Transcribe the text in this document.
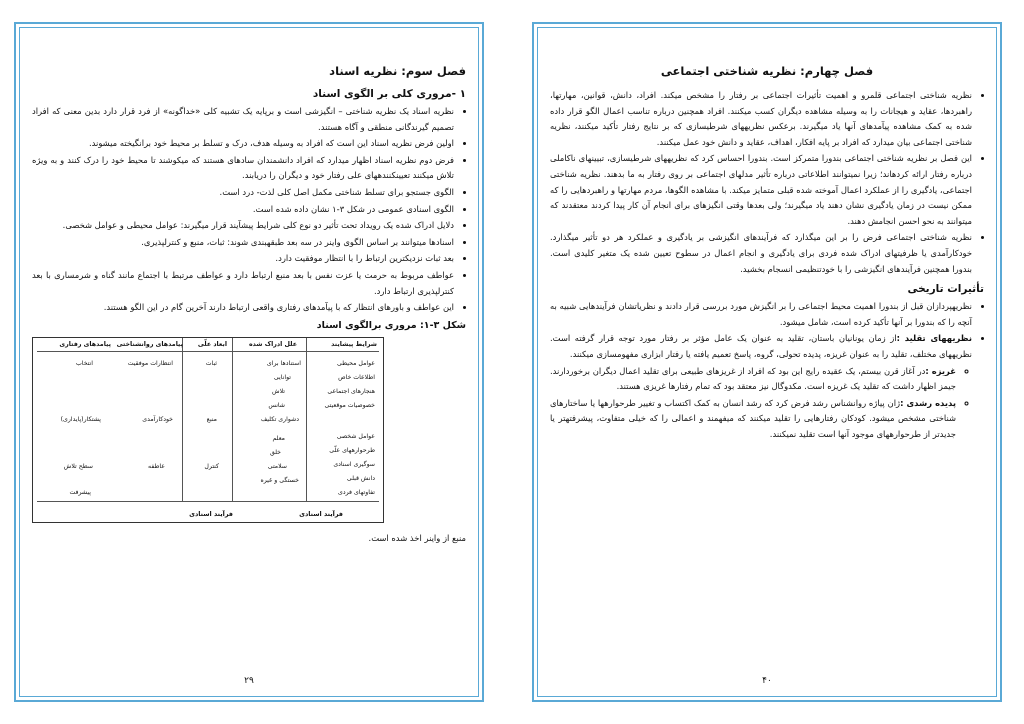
فصل سوم: نظریه اسناد
۱ -مروری کلی بر الگوی اسناد
• نظریه اسناد یک نظریه شناختی – انگیزشی است و برپایه یک تشبیه کلی «خداگونه» از فرد قرار دارد بدین معنی که افراد تصمیم گیرندگانی منطقی و آگاه هستند.
• اولین فرض نظریه اسناد این است که افراد به وسیله هدف، درک و تسلط بر محیط خود برانگیخته میشوند.
• فرض دوم نظریه اسناد اظهار میدارد که افراد دانشمندان سادهای هستند که میکوشند تا محیط خود را درک کنند و به ویژه تلاش میکنند تعیینکنندههای علی رفتار خود و دیگران را دریابند.
• الگوی جستجو برای تسلط شناختی مکمل اصل کلی لذت- درد است.
• الگوی اسنادی عمومی در شکل ۳-۱ نشان داده شده است.
• دلایل ادراک شده یک رویداد تحت تأثیر دو نوع کلی شرایط پیشآیند قرار میگیرند: عوامل محیطی و عوامل شخصی.
• اسنادها میتوانند بر اساس الگوی واینر در سه بعد طبقهبندی شوند: ثبات، منبع و کنترلپذیری.
• بعد ثبات نزدیکترین ارتباط را با انتظار موفقیت دارد.
• عواطف مربوط به حرمت یا عزت نفس با بعد منبع ارتباط دارد و عواطف مرتبط با اجتماع مانند گناه و شرمساری با بعد کنترلپذیری ارتباط دارد.
• این عواطف و باورهای انتظار که با پیآمدهای رفتاری واقعی ارتباط دارند آخرین گام در این الگو هستند.
شکل ۳-۱: مروری برالگوی اسناد
شرایط پیشایند
علل ادراک شده
ابعاد علّی
پیامدهای روانشناختی
پیامدهای رفتاری
عوامل محیطی
اطلاعات خاص
هنجارهای اجتماعی
خصوصیات موقعیتی
عوامل شخصی
طرحوارههای علّی
سوگیری اسنادی
دانش قبلی
تفاوتهای فردی
استنادها برای
توانایی
تلاش
شانس
دشواری تکلیف
معلم
خلق
سلامتی
خستگی و غیره
ثبات
منبع
کنترل
انتظارات موفقیت
خودکارآمدی
عاطفه
انتخاب
پشتکار(پایداری)
سطح تلاش
پیشرفت
فرآیند اسنادی
فرآیند اسنادی
منبع از واینر اخذ شده است.
۲۹
فصل چهارم: نظریه شناختی اجتماعی
• نظریه شناختی اجتماعی قلمرو و اهمیت تأثیرات اجتماعی بر رفتار را مشخص میکند. افراد، دانش، قوانین، مهارتها، راهبردها، عقاید و هیجانات را به وسیله مشاهده دیگران کسب میکنند. افراد همچنین درباره تناسب اعمال الگو قرار داده شده به کمک مشاهده پیآمدهای آنها یاد میگیرند. برعکس نظریههای شرطیسازی که بر نتایج رفتار تأکید میکنند، نظریه شناختی اجتماعی بیان میدارد که افراد بر پایه افکار، اهداف، عقاید و دانش خود عمل میکنند.
• این فصل بر نظریه شناختی اجتماعی بندورا متمرکز است. بندورا احساس کرد که نظریههای شرطیسازی، تبیینهای ناکاملی درباره رفتار ارائه کردهاند؛ زیرا نمیتوانند اطلاعاتی درباره تأثیر مدلهای اجتماعی بر روی رفتار به ما بدهند. نظریه شناختی اجتماعی، یادگیری را از عملکرد اعمال آموخته شده قبلی متمایز میکند. با مشاهده الگوها، مردم مهارتها و راهبردهایی را که ممکن نیست در زمان یادگیری نشان دهند یاد میگیرند؛ ولی بعدها وقتی انگیزهای برای انجام آن کار پیدا کردند معتقدند که میتوانند به نحو احسن انجامش دهند.
• نظریه شناختی اجتماعی فرض را بر این میگذارد که فرآیندهای انگیزشی بر یادگیری و عملکرد هر دو تأثیر میگذارد. خودکارآمدی یا ظرفیتهای ادراک شده فردی برای یادگیری و انجام اعمال در سطوح تعیین شده یک متغیر کلیدی است. بندورا همچنین فرآیندهای انگیزشی را با خودتنظیمی انسجام بخشید.
تأثیرات تاریخی
• نظریهپردازان قبل از بندورا اهمیت محیط اجتماعی را بر انگیزش مورد بررسی قرار دادند و نظریاتشان فرآیندهایی شبیه به آنچه را که بندورا بر آنها تأکید کرده است، شامل میشود.
• نظریههای تقلید :از زمان یونانیان باستان، تقلید به عنوان یک عامل مؤثر بر رفتار مورد توجه قرار گرفته است. نظریههای مختلف، تقلید را به عنوان غریزه، پدیده تحولی، گروه، پاسخ تعمیم یافته یا رفتار ابزاری مفهومسازی میکنند.
◦ غریزه :در آغاز قرن بیستم، یک عقیده رایج این بود که افراد از غریزهای طبیعی برای تقلید اعمال دیگران برخوردارند. جیمز اظهار داشت که تقلید یک غریزه است. مکدوگال نیز معتقد بود که تمام رفتارها غریزی هستند.
◦ پدیده رشدی :ژان پیاژه روانشناس رشد فرض کرد که رشد انسان به کمک اکتساب و تغییر طرحوارهها یا ساختارهای شناختی مشخص میشود. کودکان رفتارهایی را تقلید میکنند که میفهمند و اعمالی را که خیلی متفاوت، پیشرفتهتر یا جدیدتر از طرحوارههای موجود آنها است تقلید نمیکنند.
۴۰
